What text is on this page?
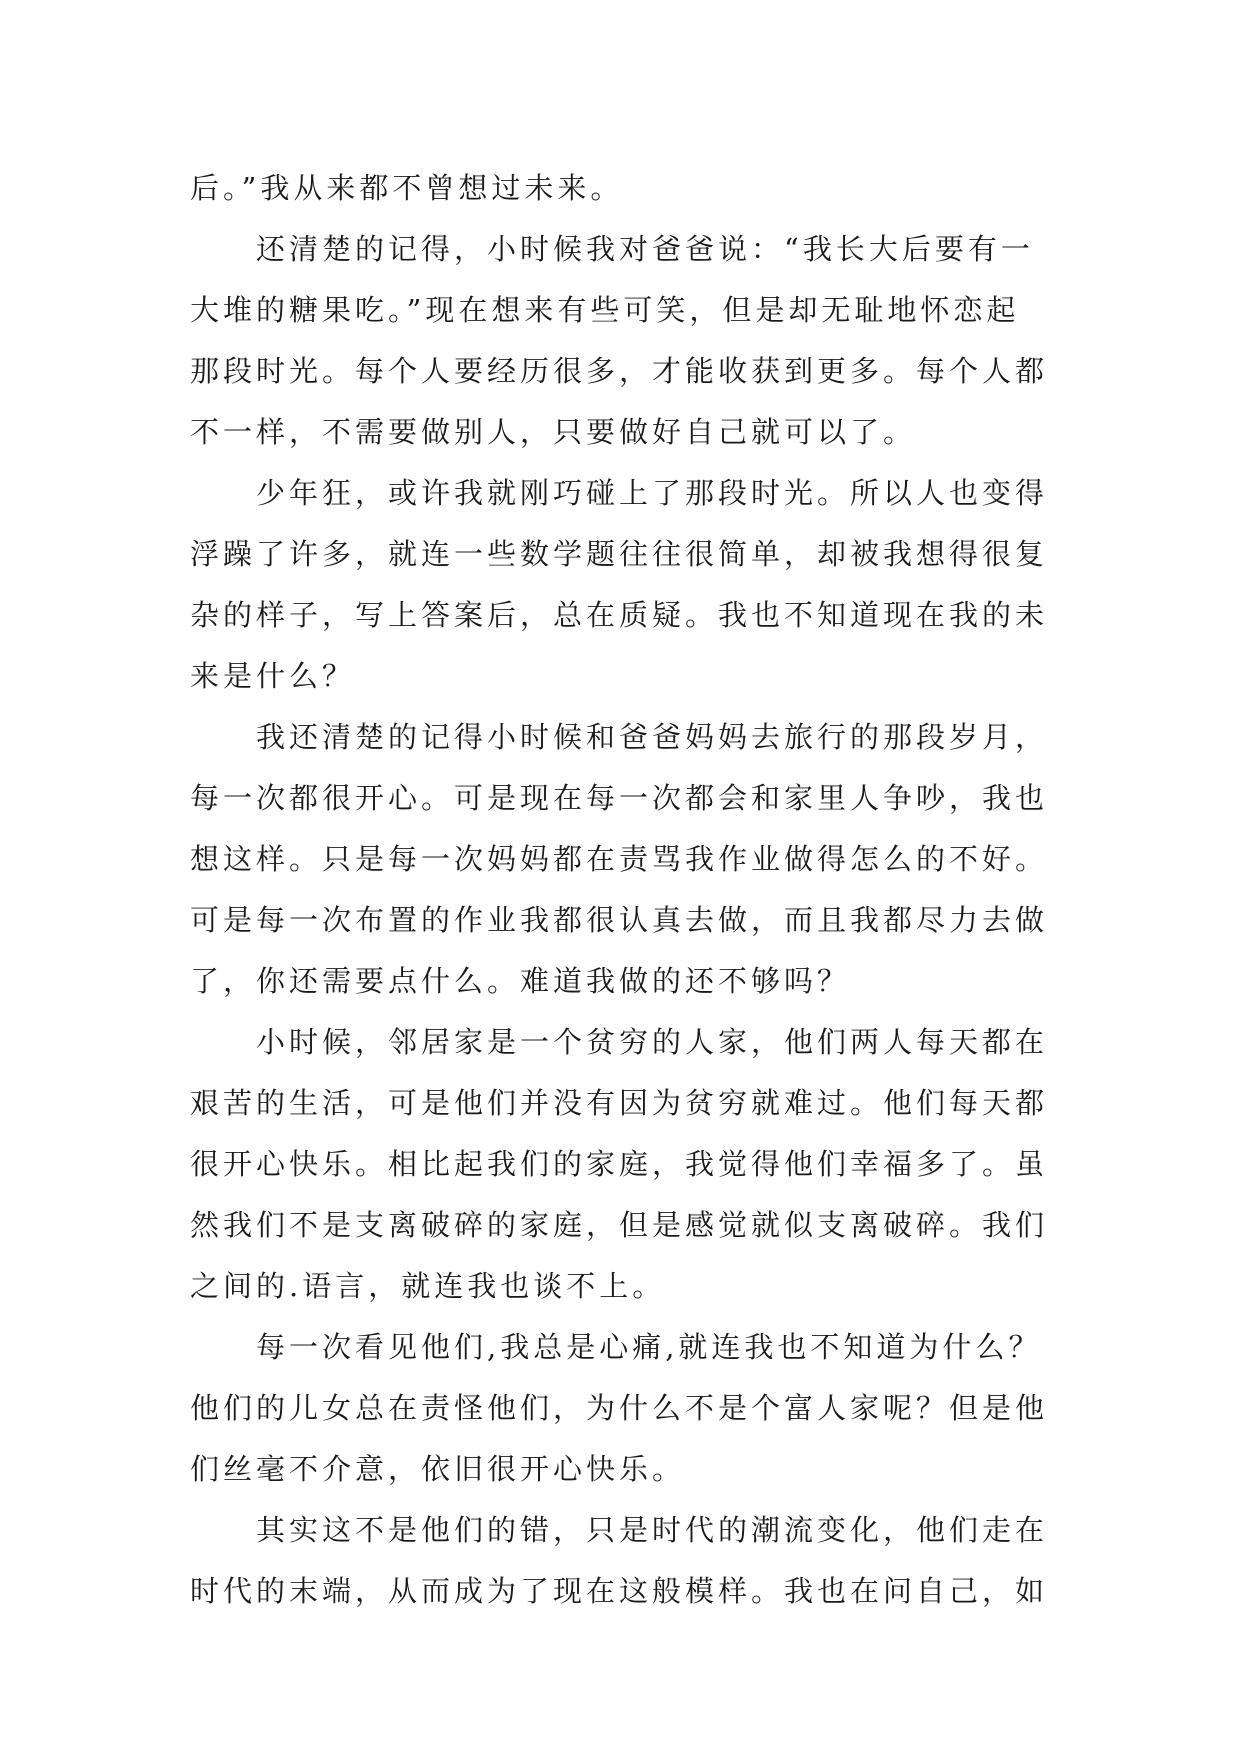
后。”我从来都不曾想过未来。
还清楚的记得，小时候我对爸爸说：“我长大后要有一
大堆的糖果吃。”现在想来有些可笑，但是却无耻地怀恋起
那段时光。每个人要经历很多，才能收获到更多。每个人都
不一样，不需要做别人，只要做好自己就可以了。
少年狂，或许我就刚巧碰上了那段时光。所以人也变得
浮躁了许多，就连一些数学题往往很简单，却被我想得很复
杂的样子，写上答案后，总在质疑。我也不知道现在我的未
来是什么？
我还清楚的记得小时候和爸爸妈妈去旅行的那段岁月，
每一次都很开心。可是现在每一次都会和家里人争吵，我也
想这样。只是每一次妈妈都在责骂我作业做得怎么的不好。
可是每一次布置的作业我都很认真去做，而且我都尽力去做
了，你还需要点什么。难道我做的还不够吗？
小时候，邻居家是一个贫穷的人家，他们两人每天都在
艰苦的生活，可是他们并没有因为贫穷就难过。他们每天都
很开心快乐。相比起我们的家庭，我觉得他们幸福多了。虽
然我们不是支离破碎的家庭，但是感觉就似支离破碎。我们
之间的.语言，就连我也谈不上。
每一次看见他们,我总是心痛,就连我也不知道为什么？
他们的儿女总在责怪他们，为什么不是个富人家呢？但是他
们丝毫不介意，依旧很开心快乐。
其实这不是他们的错，只是时代的潮流变化，他们走在
时代的末端，从而成为了现在这般模样。我也在问自己，如
